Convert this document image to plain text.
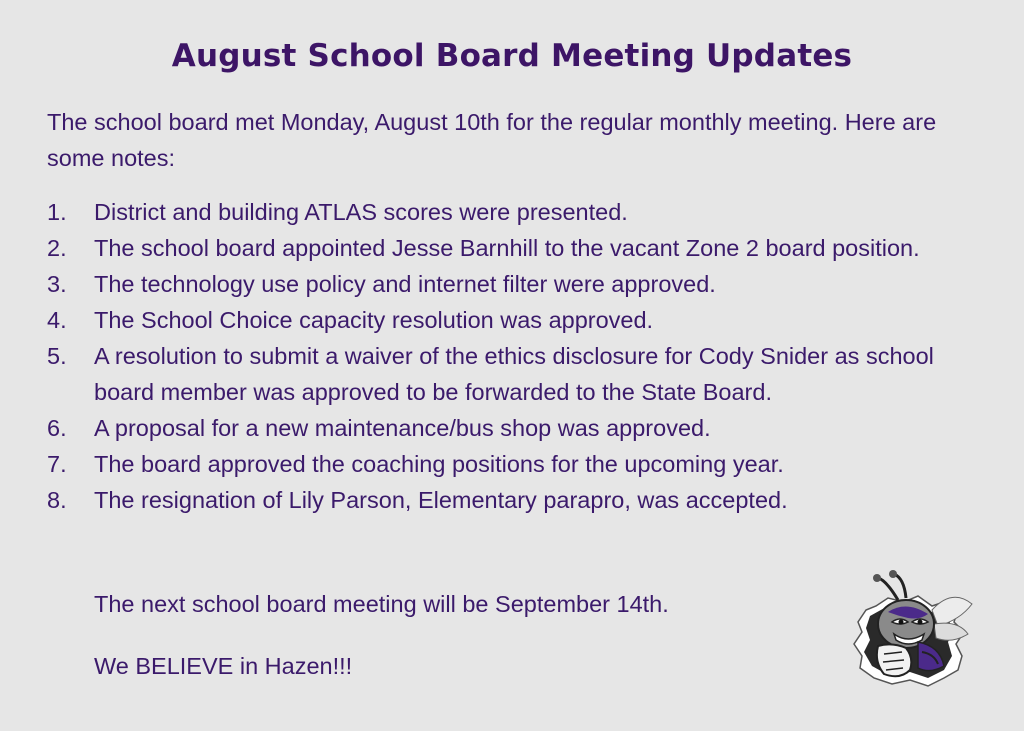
August School Board Meeting Updates
The school board met Monday, August 10th for the regular monthly meeting. Here are some notes:
1. District and building ATLAS scores were presented.
2. The school board appointed Jesse Barnhill to the vacant Zone 2 board position.
3. The technology use policy and internet filter were approved.
4. The School Choice capacity resolution was approved.
5. A resolution to submit a waiver of the ethics disclosure for Cody Snider as school board member was approved to be forwarded to the State Board.
6. A proposal for a new maintenance/bus shop was approved.
7. The board approved the coaching positions for the upcoming year.
8. The resignation of Lily Parson, Elementary parapro, was accepted.
The next school board meeting will be September 14th.
We BELIEVE in Hazen!!!
